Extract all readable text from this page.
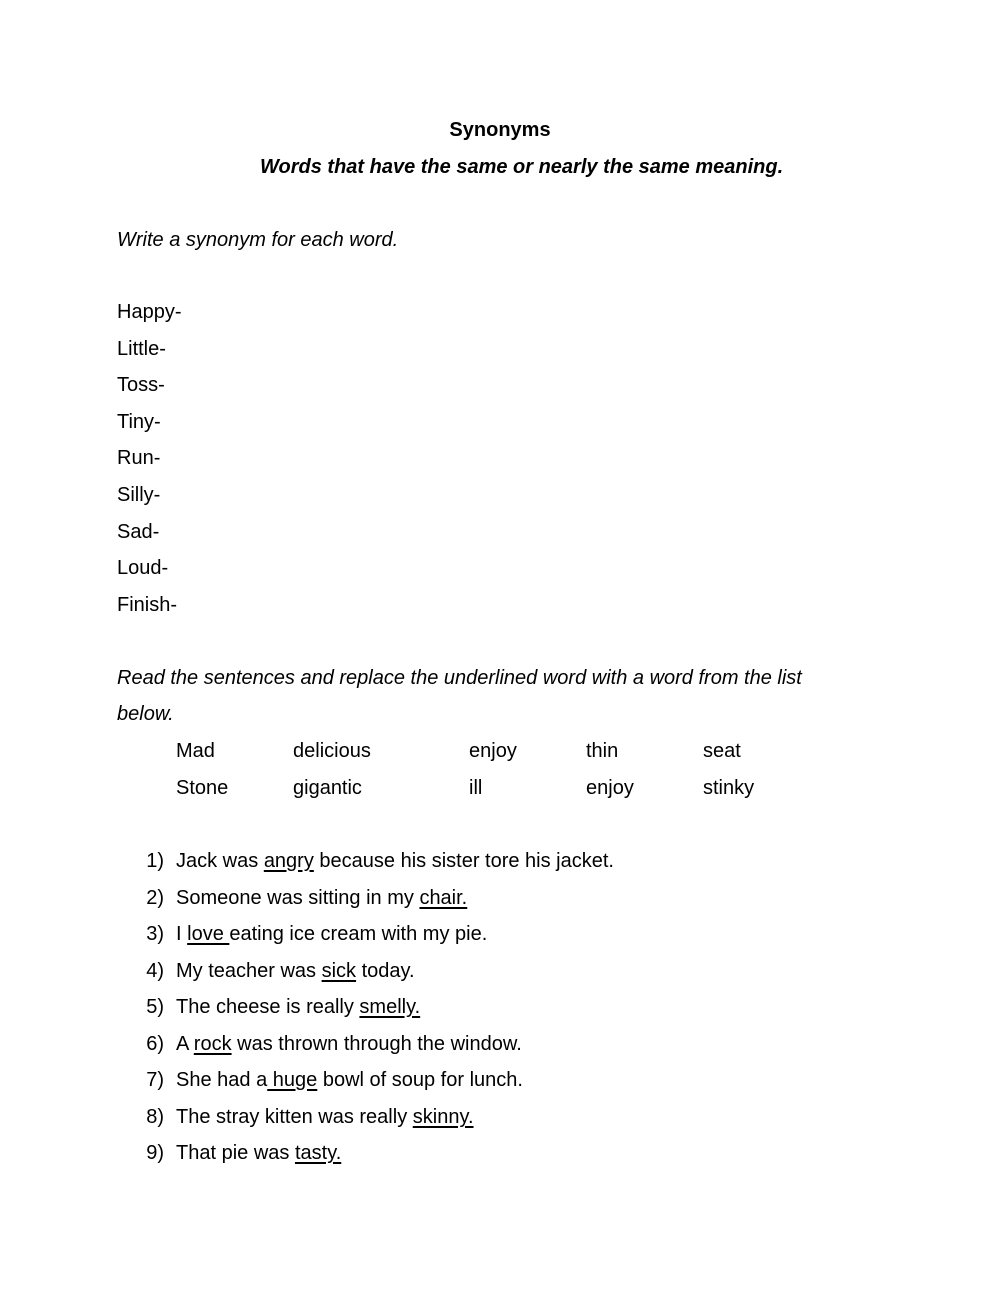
Synonyms
Words that have the same or nearly the same meaning.
Write a synonym for each word.
Happy-
Little-
Toss-
Tiny-
Run-
Silly-
Sad-
Loud-
Finish-
Read the sentences and replace the underlined word with a word from the list
below.
Mad	delicious	enjoy	thin	seat
Stone	gigantic	ill	enjoy	stinky
1) Jack was angry because his sister tore his jacket.
2) Someone was sitting in my chair.
3) I love eating ice cream with my pie.
4) My teacher was sick today.
5) The cheese is really smelly.
6) A rock was thrown through the window.
7) She had a huge bowl of soup for lunch.
8) The stray kitten was really skinny.
9) That pie was tasty.
